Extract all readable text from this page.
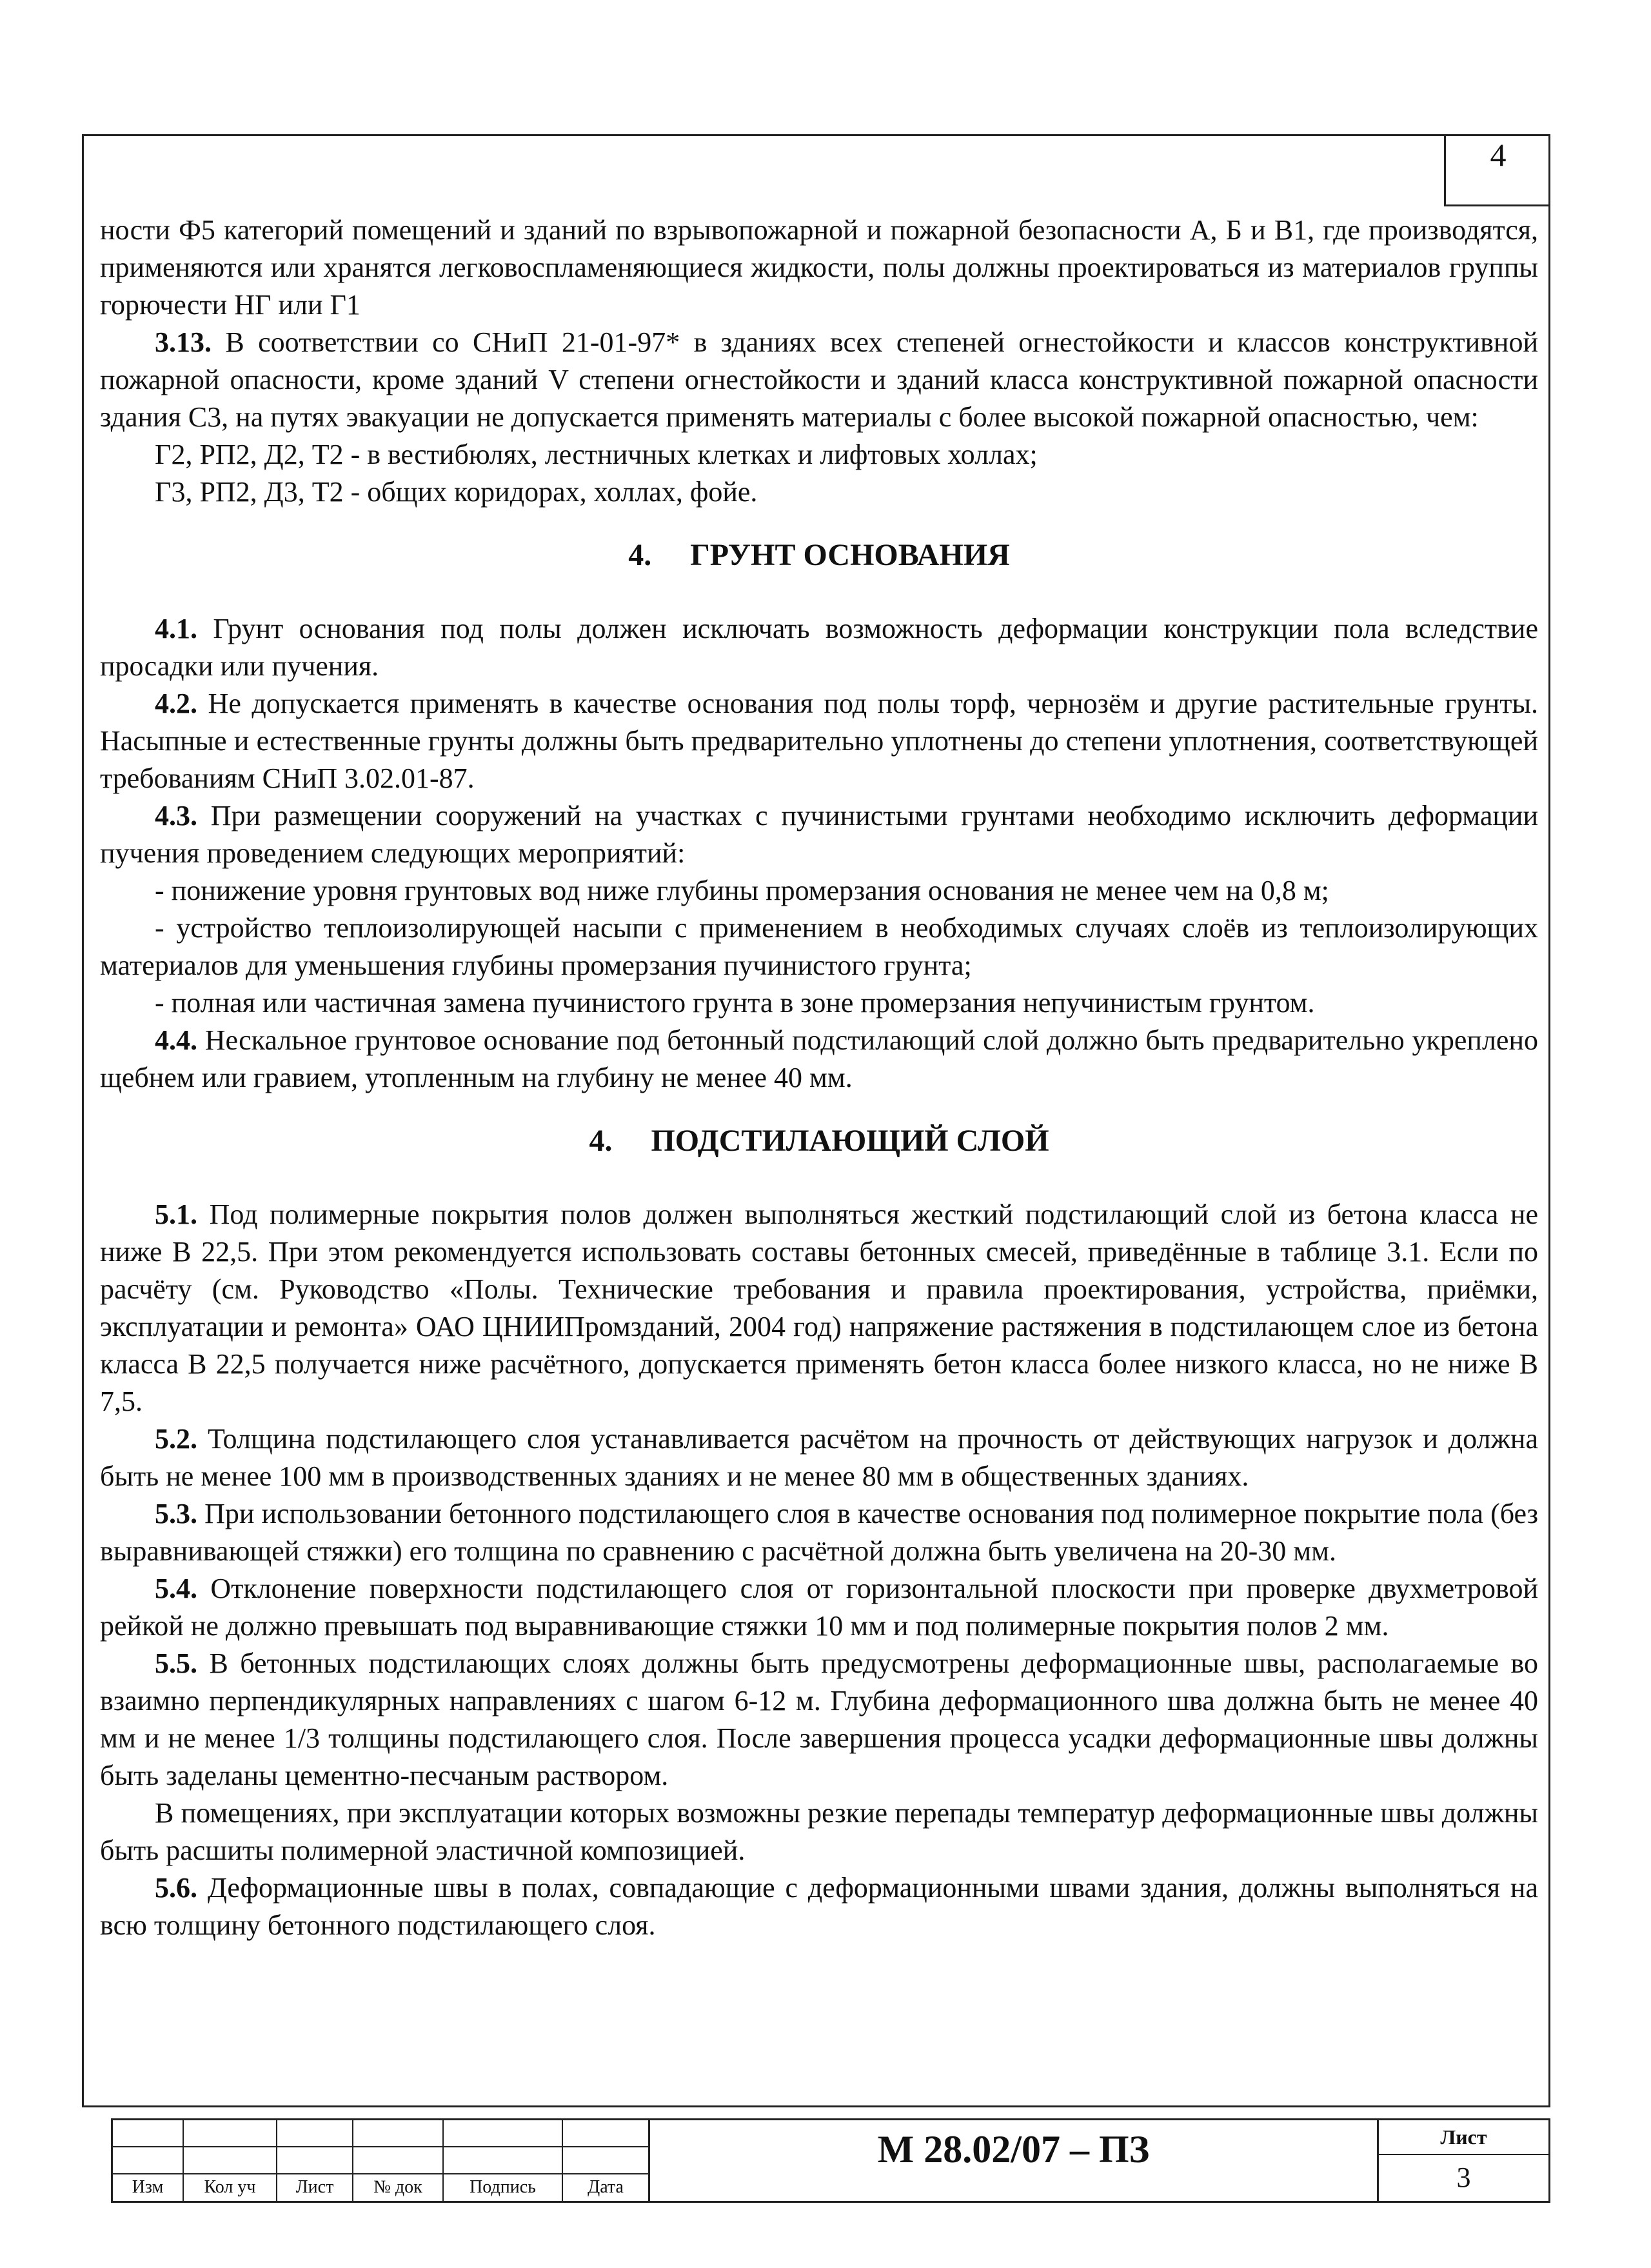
4

ности Ф5 категорий помещений и зданий по взрывопожарной и пожарной безопасности А, Б и В1, где производятся, применяются или хранятся легковоспламеняющиеся жидкости, полы должны проектироваться из материалов группы горючести НГ или Г1

3.13. В соответствии со СНиП 21-01-97* в зданиях всех степеней огнестойкости и классов конструктивной пожарной опасности, кроме зданий V степени огнестойкости и зданий класса конструктивной пожарной опасности здания С3, на путях эвакуации не допускается применять материалы с более высокой пожарной опасностью, чем:

Г2, РП2, Д2, Т2 - в вестибюлях, лестничных клетках и лифтовых холлах;

Г3, РП2, Д3, Т2 - общих коридорах, холлах, фойе.

4. ГРУНТ ОСНОВАНИЯ

4.1. Грунт основания под полы должен исключать возможность деформации конструкции пола вследствие просадки или пучения.

4.2. Не допускается применять в качестве основания под полы торф, чернозём и другие растительные грунты. Насыпные и естественные грунты должны быть предварительно уплотнены до степени уплотнения, соответствующей требованиям СНиП 3.02.01-87.

4.3. При размещении сооружений на участках с пучинистыми грунтами необходимо исключить деформации пучения проведением следующих мероприятий:

- понижение уровня грунтовых вод ниже глубины промерзания основания не менее чем на 0,8 м;

- устройство теплоизолирующей насыпи с применением в необходимых случаях слоёв из теплоизолирующих материалов для уменьшения глубины промерзания пучинистого грунта;

- полная или частичная замена пучинистого грунта в зоне промерзания непучинистым грунтом.

4.4. Нескальное грунтовое основание под бетонный подстилающий слой должно быть предварительно укреплено щебнем или гравием, утопленным на глубину не менее 40 мм.

4. ПОДСТИЛАЮЩИЙ СЛОЙ

5.1. Под полимерные покрытия полов должен выполняться жесткий подстилающий слой из бетона класса не ниже В 22,5. При этом рекомендуется использовать составы бетонных смесей, приведённые в таблице 3.1. Если по расчёту (см. Руководство «Полы. Технические требования и правила проектирования, устройства, приёмки, эксплуатации и ремонта» ОАО ЦНИИПромзданий, 2004 год) напряжение растяжения в подстилающем слое из бетона класса В 22,5 получается ниже расчётного, допускается применять бетон класса более низкого класса, но не ниже В 7,5.

5.2. Толщина подстилающего слоя устанавливается расчётом на прочность от действующих нагрузок и должна быть не менее 100 мм в производственных зданиях и не менее 80 мм в общественных зданиях.

5.3. При использовании бетонного подстилающего слоя в качестве основания под полимерное покрытие пола (без выравнивающей стяжки) его толщина по сравнению с расчётной должна быть увеличена на 20-30 мм.

5.4. Отклонение поверхности подстилающего слоя от горизонтальной плоскости при проверке двухметровой рейкой не должно превышать под выравнивающие стяжки 10 мм и под полимерные покрытия полов 2 мм.

5.5. В бетонных подстилающих слоях должны быть предусмотрены деформационные швы, располагаемые во взаимно перпендикулярных направлениях с шагом 6-12 м. Глубина деформационного шва должна быть не менее 40 мм и не менее 1/3 толщины подстилающего слоя. После завершения процесса усадки деформационные швы должны быть заделаны цементно-песчаным раствором.

В помещениях, при эксплуатации которых возможны резкие перепады температур деформационные швы должны быть расшиты полимерной эластичной композицией.

5.6. Деформационные швы в полах, совпадающие с деформационными швами здания, должны выполняться на всю толщину бетонного подстилающего слоя.

Изм	Кол уч	Лист	№ док	Подпись	Дата
М 28.02/07 – ПЗ	Лист
3
